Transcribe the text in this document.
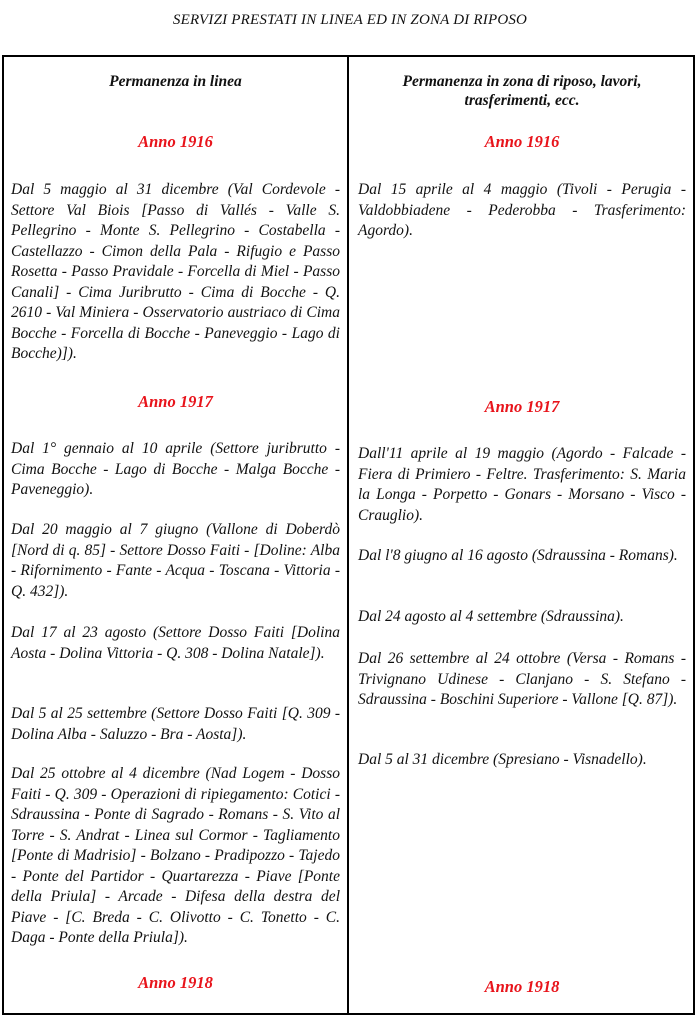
SERVIZI PRESTATI IN LINEA ED IN ZONA DI RIPOSO
Permanenza in linea
Anno 1916

Dal 5 maggio al 31 dicembre (Val Cordevole - Settore Val Biois [Passo di Vallés - Valle S. Pellegrino - Monte S. Pellegrino - Costabella - Castellazzo - Cimon della Pala - Rifugio e Passo Rosetta - Passo Pravidale - Forcella di Miel - Passo Canali] - Cima Juribrutto - Cima di Bocche - Q. 2610 - Val Miniera - Osservatorio austriaco di Cima Bocche - Forcella di Bocche - Paneveggio - Lago di Bocche)]).

Anno 1917

Dal 1° gennaio al 10 aprile (Settore juribrutto - Cima Bocche - Lago di Bocche - Malga Bocche - Paveneggio).

Dal 20 maggio al 7 giugno (Vallone di Doberdò [Nord di q. 85] - Settore Dosso Faiti - [Doline: Alba - Rifornimento - Fante - Acqua - Toscana - Vittoria - Q. 432]).

Dal 17 al 23 agosto (Settore Dosso Faiti [Dolina Aosta - Dolina Vittoria - Q. 308 - Dolina Natale]).

Dal 5 al 25 settembre (Settore Dosso Faiti [Q. 309 - Dolina Alba - Saluzzo - Bra - Aosta]).

Dal 25 ottobre al 4 dicembre (Nad Logem - Dosso Faiti - Q. 309 - Operazioni di ripiegamento: Cotici - Sdraussina - Ponte di Sagrado - Romans - S. Vito al Torre - S. Andrat - Linea sul Cormor - Tagliamento [Ponte di Madrisio] - Bolzano - Pradipozzo - Tajedo - Ponte del Partidor - Quartarezza - Piave [Ponte della Priula] - Arcade - Difesa della destra del Piave - [C. Breda - C. Olivotto - C. Tonetto - C. Daga - Ponte della Priula]).

Anno 1918
Permanenza in zona di riposo, lavori, trasferimenti, ecc.
Anno 1916

Dal 15 aprile al 4 maggio (Tivoli - Perugia - Valdobbiadene - Pederobba - Trasferimento: Agordo).

Anno 1917

Dall'11 aprile al 19 maggio (Agordo - Falcade - Fiera di Primiero - Feltre. Trasferimento: S. Maria la Longa - Porpetto - Gonars - Morsano - Visco - Crauglio).

Dal l'8 giugno al 16 agosto (Sdraussina - Romans).

Dal 24 agosto al 4 settembre (Sdraussina).

Dal 26 settembre al 24 ottobre (Versa - Romans - Trivignano Udinese - Clanjano - S. Stefano - Sdraussina - Boschini Superiore - Vallone [Q. 87]).

Dal 5 al 31 dicembre (Spresiano - Visnadello).

Anno 1918
